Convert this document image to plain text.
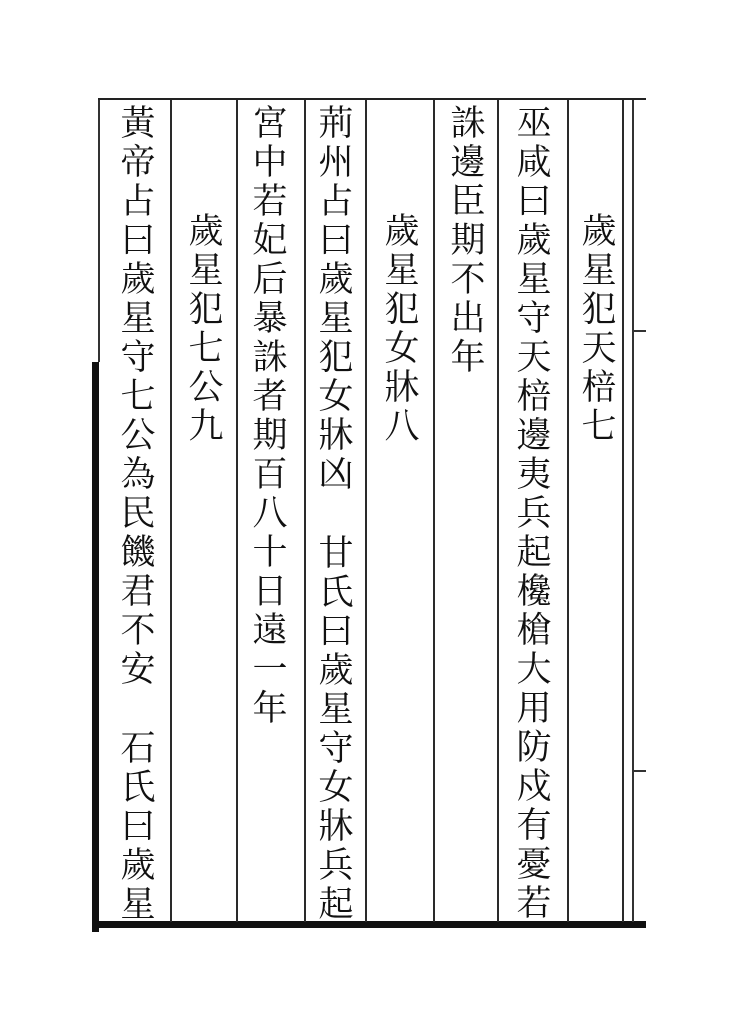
歲星犯天棓七
巫咸曰歲星守天棓邊夷兵起欃槍大用防戍有憂若
誅邊臣期不出年
歲星犯女牀八
荊州占曰歲星犯女牀凶甘氏曰歲星守女牀兵起
宮中若妃后暴誅者期百八十日遠一年
歲星犯七公九
黃帝占曰歲星守七公為民饑君不安石氏曰歲星
